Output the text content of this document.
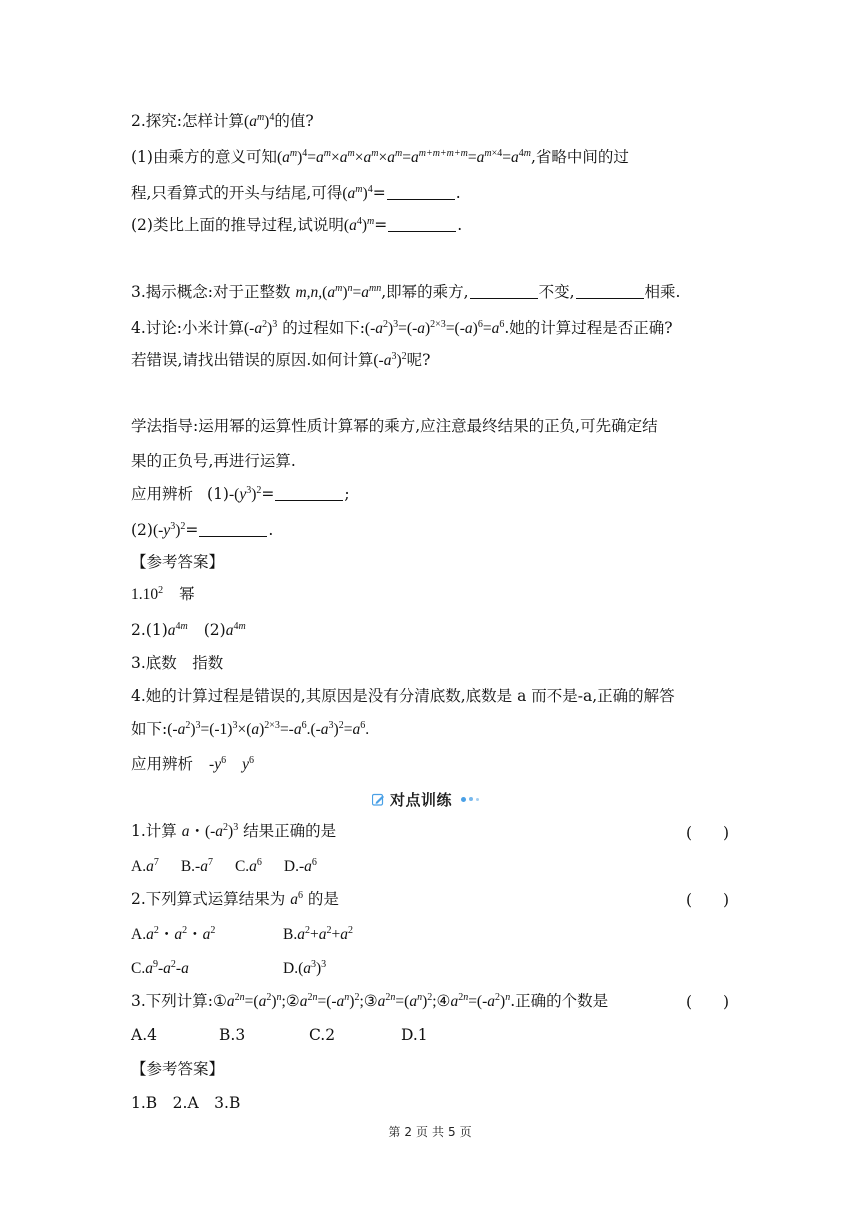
2.探究:怎样计算$(a^m)^4$的值?
(1)由乘方的意义可知$(a^m)^4=a^m\times a^m\times a^m\times a^m=a^{m+m+m+m}=a^{m\times 4}=a^{4m}$,省略中间的过
程,只看算式的开头与结尾,可得$(a^m)^4=$	.
(2)类比上面的推导过程,试说明$(a^4)^m=$	.
3.揭示概念:对于正整数 $m,n,(a^m)^n=a^{mn}$,即幂的乘方,	不变,	相乘.
4.讨论:小米计算$(-a^2)^3$ 的过程如下$:(-a^2)^3=(-a)^{2\times 3}=(-a)^6=a^6$.她的计算过程是否正确?
若错误,请找出错误的原因.如何计算$(-a^3)^2$呢?
学法指导:运用幂的运算性质计算幂的乘方,应注意最终结果的正负,可先确定结
果的正负号,再进行运算.
应用辨析 $(1)-(y^3)^2=$	;
$(2)(-y^3)^2=$	.
【参考答案】
1.10$^2$ 幂
$2.(1)a^{4m}$ $(2)a^{4m}$
3.底数　指数
4.她的计算过程是错误的,其原因是没有分清底数,底数是 a 而不是-a,正确的解答
如下$:(-a^2)^3=(-1)^3\times(a)^{2\times 3}=-a^6.(-a^3)^2=a^6$.
应用辨析 $-y^6$ $y^6$
对点训练
1.计算 a・$(-a^2)^3$ 结果正确的是	(　　)
$A.a^7$ $B.-a^7$ $C.a^6$ $D.-a^6$
2.下列算式运算结果为 $a^6$ 的是	(　　)
$A.a^2$・$a^2$・$a^2$	$B.a^2+a^2+a^2$
$C.a^9-a^2-a$	$D.(a^3)^3$
3.下列计算$:①a^{2n}=(a^2)^n;②a^{2n}=(-a^n)^2;③a^{2n}=(a^n)^2;④a^{2n}=(-a^2)^n$.正确的个数是	(　　)
A.4	B.3	C.2	D.1
【参考答案】
1.B　2.A　3.B
第 2 页 共 5 页
